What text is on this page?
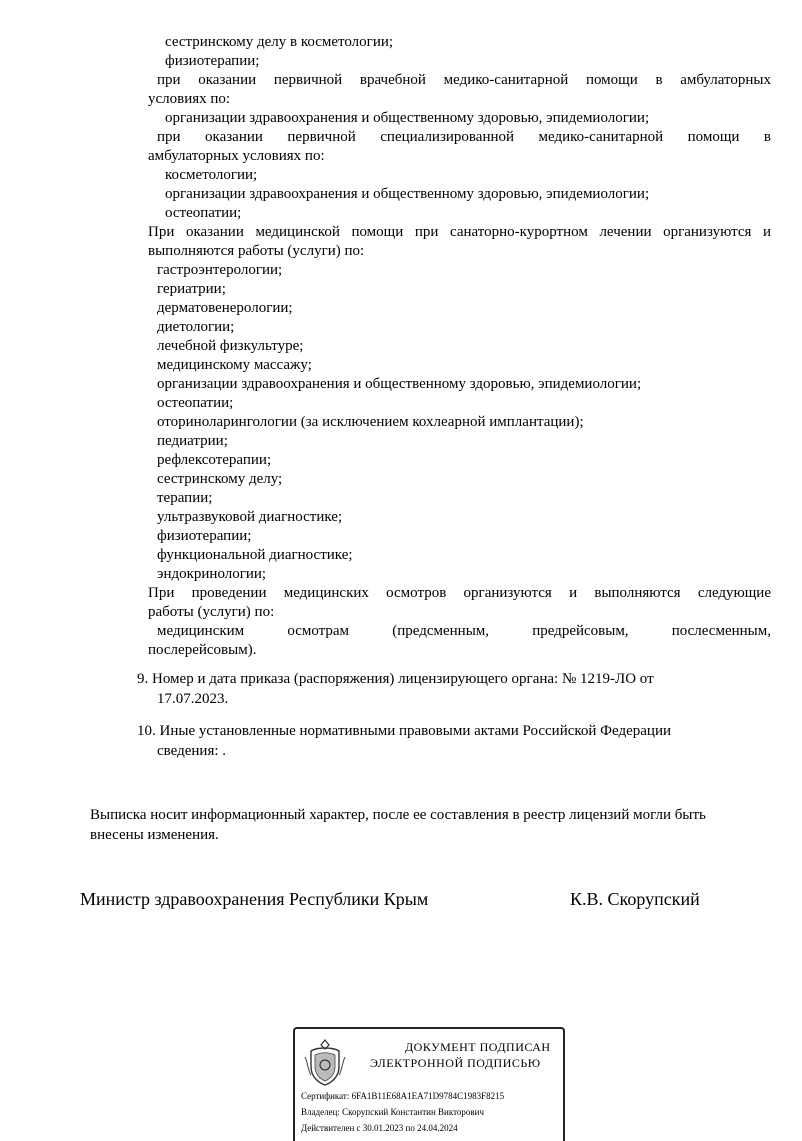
сестринскому делу в косметологии;
физиотерапии;
при оказании первичной врачебной медико-санитарной помощи в амбулаторных
условиях по:
организации здравоохранения и общественному здоровью, эпидемиологии;
при оказании первичной специализированной медико-санитарной помощи в
амбулаторных условиях по:
косметологии;
организации здравоохранения и общественному здоровью, эпидемиологии;
остеопатии;
При оказании медицинской помощи при санаторно-курортном лечении организуются и
выполняются работы (услуги) по:
гастроэнтерологии;
гериатрии;
дерматовенерологии;
диетологии;
лечебной физкультуре;
медицинскому массажу;
организации здравоохранения и общественному здоровью, эпидемиологии;
остеопатии;
оториноларингологии (за исключением кохлеарной имплантации);
педиатрии;
рефлексотерапии;
сестринскому делу;
терапии;
ультразвуковой диагностике;
физиотерапии;
функциональной диагностике;
эндокринологии;
При проведении медицинских осмотров организуются и выполняются следующие
работы (услуги) по:
медицинским осмотрам (предсменным, предрейсовым, послесменным,
послерейсовым).
9. Номер и дата приказа (распоряжения) лицензирующего органа: № 1219-ЛО от
17.07.2023.
10. Иные установленные нормативными правовыми актами Российской Федерации
сведения: .
Выписка носит информационный характер, после ее составления в реестр лицензий могли быть
внесены изменения.
Министр здравоохранения Республики Крым	К.В. Скорупский
ДОКУМЕНТ ПОДПИСАН
ЭЛЕКТРОННОЙ ПОДПИСЬЮ
Сертификат: 6FA1B11E68A1EA71D9784C1983F8215
Владелец: Скорупский Константин Викторович
Действителен с 30.01.2023 по 24.04.2024
